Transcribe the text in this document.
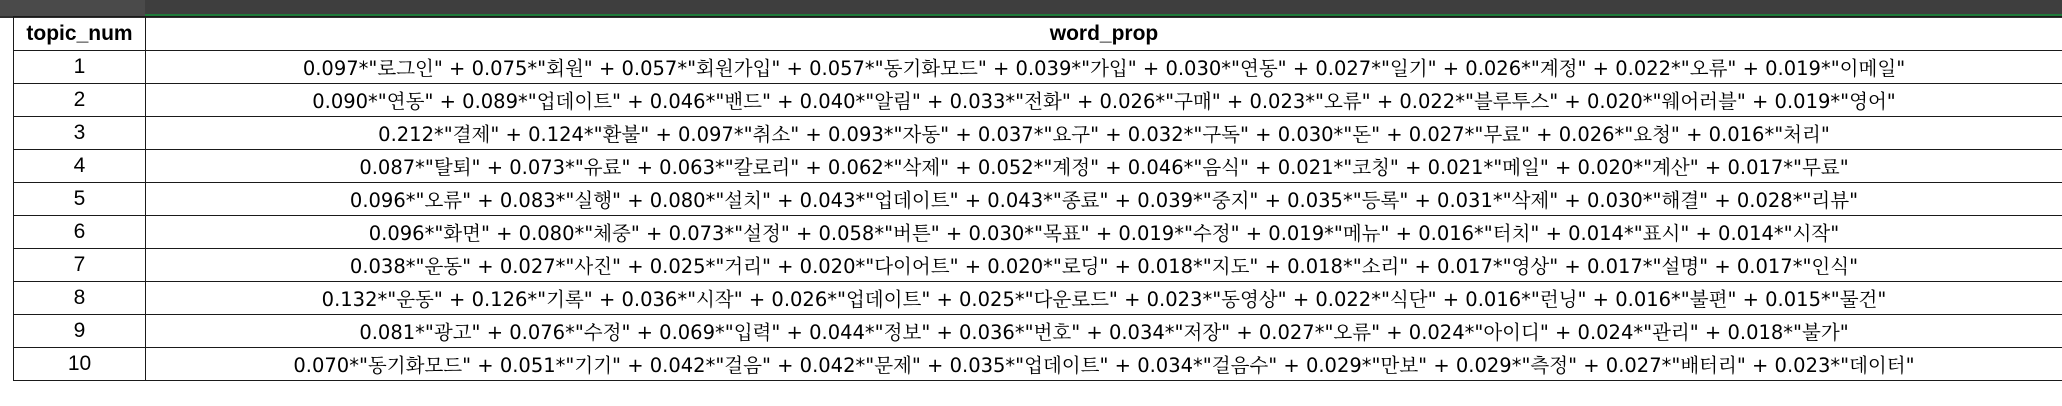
topic_num	word_prop
1	0.097*"로그인" + 0.075*"회원" + 0.057*"회원가입" + 0.057*"동기화모드" + 0.039*"가입" + 0.030*"연동" + 0.027*"일기" + 0.026*"계정" + 0.022*"오류" + 0.019*"이메일"
2	0.090*"연동" + 0.089*"업데이트" + 0.046*"밴드" + 0.040*"알림" + 0.033*"전화" + 0.026*"구매" + 0.023*"오류" + 0.022*"블루투스" + 0.020*"웨어러블" + 0.019*"영어"
3	0.212*"결제" + 0.124*"환불" + 0.097*"취소" + 0.093*"자동" + 0.037*"요구" + 0.032*"구독" + 0.030*"돈" + 0.027*"무료" + 0.026*"요청" + 0.016*"처리"
4	0.087*"탈퇴" + 0.073*"유료" + 0.063*"칼로리" + 0.062*"삭제" + 0.052*"계정" + 0.046*"음식" + 0.021*"코칭" + 0.021*"메일" + 0.020*"계산" + 0.017*"무료"
5	0.096*"오류" + 0.083*"실행" + 0.080*"설치" + 0.043*"업데이트" + 0.043*"종료" + 0.039*"중지" + 0.035*"등록" + 0.031*"삭제" + 0.030*"해결" + 0.028*"리뷰"
6	0.096*"화면" + 0.080*"체중" + 0.073*"설정" + 0.058*"버튼" + 0.030*"목표" + 0.019*"수정" + 0.019*"메뉴" + 0.016*"터치" + 0.014*"표시" + 0.014*"시작"
7	0.038*"운동" + 0.027*"사진" + 0.025*"거리" + 0.020*"다이어트" + 0.020*"로딩" + 0.018*"지도" + 0.018*"소리" + 0.017*"영상" + 0.017*"설명" + 0.017*"인식"
8	0.132*"운동" + 0.126*"기록" + 0.036*"시작" + 0.026*"업데이트" + 0.025*"다운로드" + 0.023*"동영상" + 0.022*"식단" + 0.016*"런닝" + 0.016*"불편" + 0.015*"물건"
9	0.081*"광고" + 0.076*"수정" + 0.069*"입력" + 0.044*"정보" + 0.036*"번호" + 0.034*"저장" + 0.027*"오류" + 0.024*"아이디" + 0.024*"관리" + 0.018*"불가"
10	0.070*"동기화모드" + 0.051*"기기" + 0.042*"걸음" + 0.042*"문제" + 0.035*"업데이트" + 0.034*"걸음수" + 0.029*"만보" + 0.029*"측정" + 0.027*"배터리" + 0.023*"데이터"
